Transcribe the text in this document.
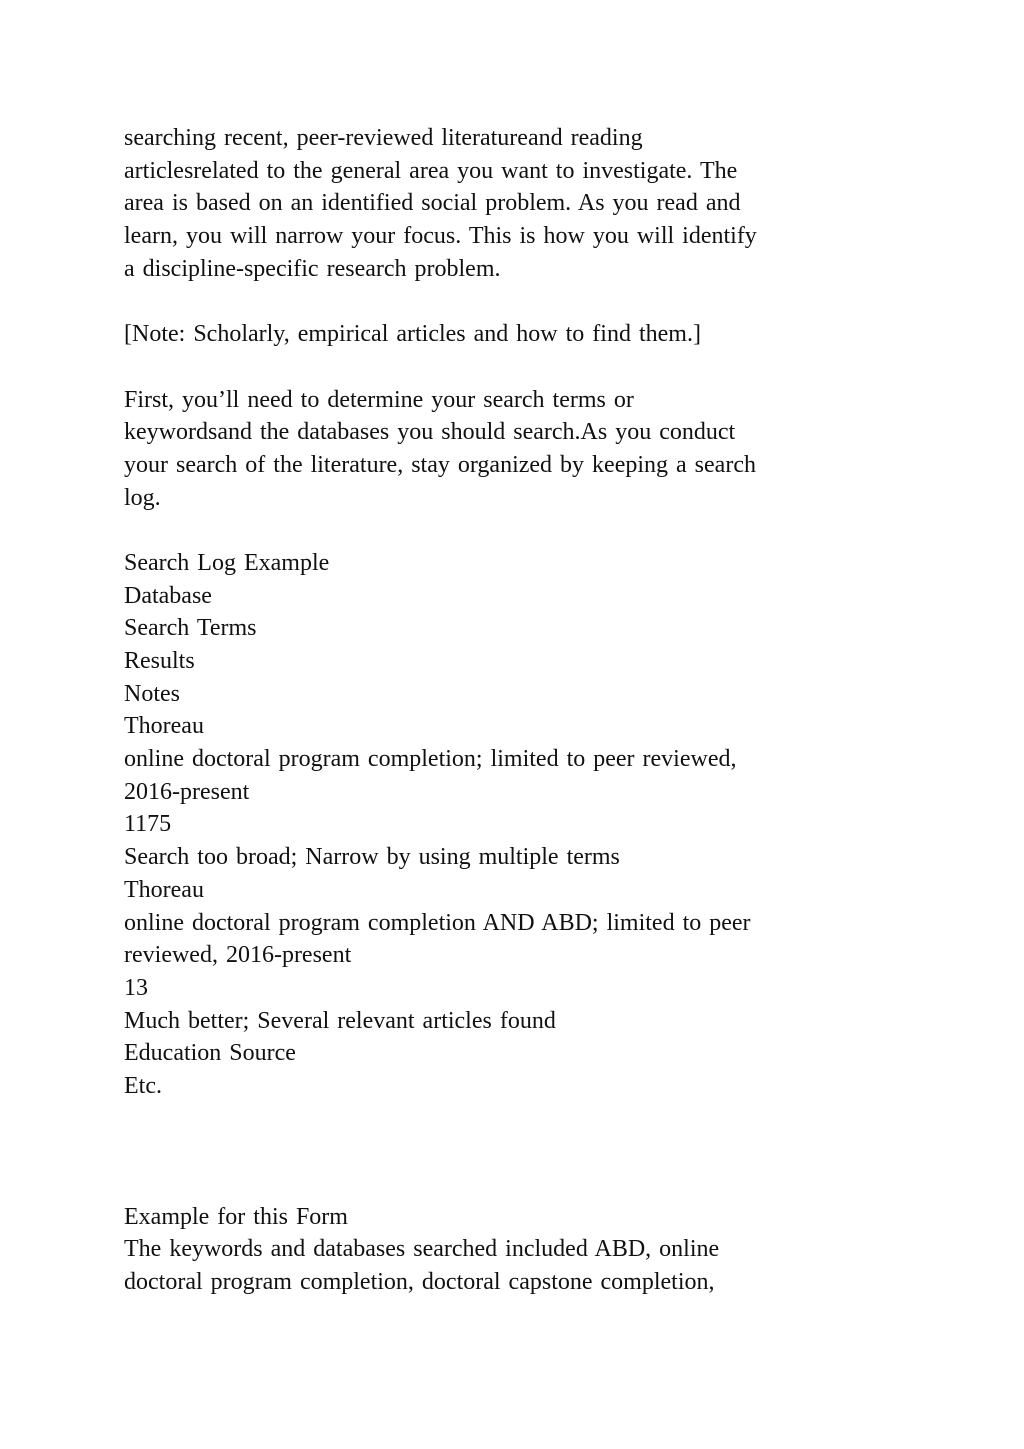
searching recent, peer-reviewed literatureand reading
articlesrelated to the general area you want to investigate. The
area is based on an identified social problem. As you read and
learn, you will narrow your focus. This is how you will identify
a discipline-specific research problem.
[Note: Scholarly, empirical articles and how to find them.]
First, you’ll need to determine your search terms or
keywordsand the databases you should search.As you conduct
your search of the literature, stay organized by keeping a search
log.
Search Log Example
Database
Search Terms
Results
Notes
Thoreau
online doctoral program completion; limited to peer reviewed,
2016-present
1175
Search too broad; Narrow by using multiple terms
Thoreau
online doctoral program completion AND ABD; limited to peer
reviewed, 2016-present
13
Much better; Several relevant articles found
Education Source
Etc.
Example for this Form
The keywords and databases searched included ABD, online
doctoral program completion, doctoral capstone completion,
